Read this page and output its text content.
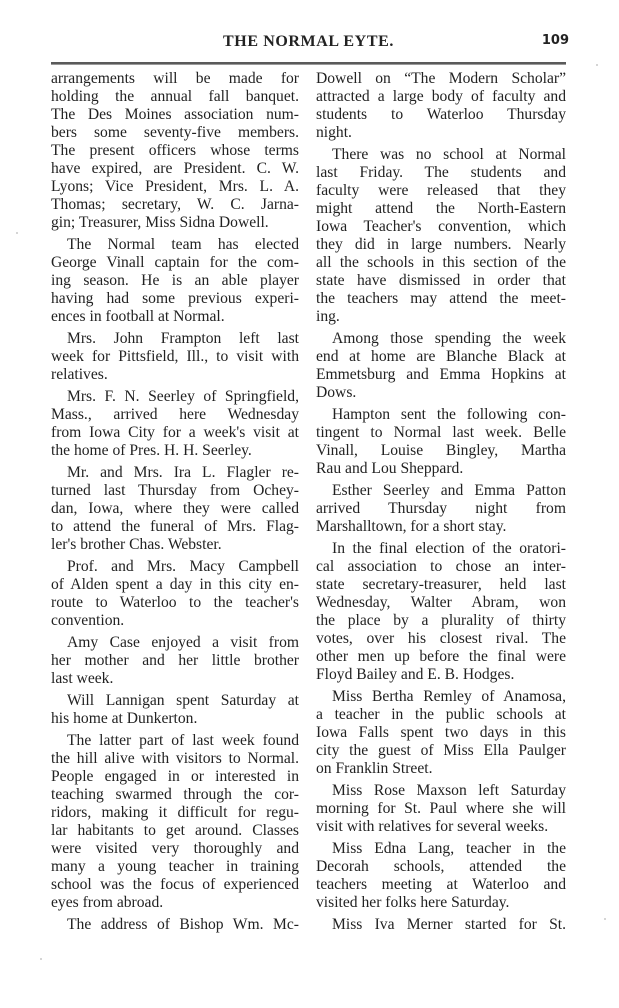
THE NORMAL EYTE.	109
arrangements will be made for
holding the annual fall banquet.
The Des Moines association num-
bers some seventy-five members.
The present officers whose terms
have expired, are President. C. W.
Lyons; Vice President, Mrs. L. A.
Thomas; secretary, W. C. Jarna-
gin; Treasurer, Miss Sidna Dowell.
The Normal team has elected
George Vinall captain for the com-
ing season. He is an able player
having had some previous experi-
ences in football at Normal.
Mrs. John Frampton left last
week for Pittsfield, Ill., to visit with
relatives.
Mrs. F. N. Seerley of Springfield,
Mass., arrived here Wednesday
from Iowa City for a week's visit at
the home of Pres. H. H. Seerley.
Mr. and Mrs. Ira L. Flagler re-
turned last Thursday from Ochey-
dan, Iowa, where they were called
to attend the funeral of Mrs. Flag-
ler's brother Chas. Webster.
Prof. and Mrs. Macy Campbell
of Alden spent a day in this city en-
route to Waterloo to the teacher's
convention.
Amy Case enjoyed a visit from
her mother and her little brother
last week.
Will Lannigan spent Saturday at
his home at Dunkerton.
The latter part of last week found
the hill alive with visitors to Normal.
People engaged in or interested in
teaching swarmed through the cor-
ridors, making it difficult for regu-
lar habitants to get around. Classes
were visited very thoroughly and
many a young teacher in training
school was the focus of experienced
eyes from abroad.
The address of Bishop Wm. Mc-
Dowell on “The Modern Scholar”
attracted a large body of faculty and
students to Waterloo Thursday
night.
There was no school at Normal
last Friday. The students and
faculty were released that they
might attend the North-Eastern
Iowa Teacher's convention, which
they did in large numbers. Nearly
all the schools in this section of the
state have dismissed in order that
the teachers may attend the meet-
ing.
Among those spending the week
end at home are Blanche Black at
Emmetsburg and Emma Hopkins at
Dows.
Hampton sent the following con-
tingent to Normal last week. Belle
Vinall, Louise Bingley, Martha
Rau and Lou Sheppard.
Esther Seerley and Emma Patton
arrived Thursday night from
Marshalltown, for a short stay.
In the final election of the oratori-
cal association to chose an inter-
state secretary-treasurer, held last
Wednesday, Walter Abram, won
the place by a plurality of thirty
votes, over his closest rival. The
other men up before the final were
Floyd Bailey and E. B. Hodges.
Miss Bertha Remley of Anamosa,
a teacher in the public schools at
Iowa Falls spent two days in this
city the guest of Miss Ella Paulger
on Franklin Street.
Miss Rose Maxson left Saturday
morning for St. Paul where she will
visit with relatives for several weeks.
Miss Edna Lang, teacher in the
Decorah schools, attended the
teachers meeting at Waterloo and
visited her folks here Saturday.
Miss Iva Merner started for St.
